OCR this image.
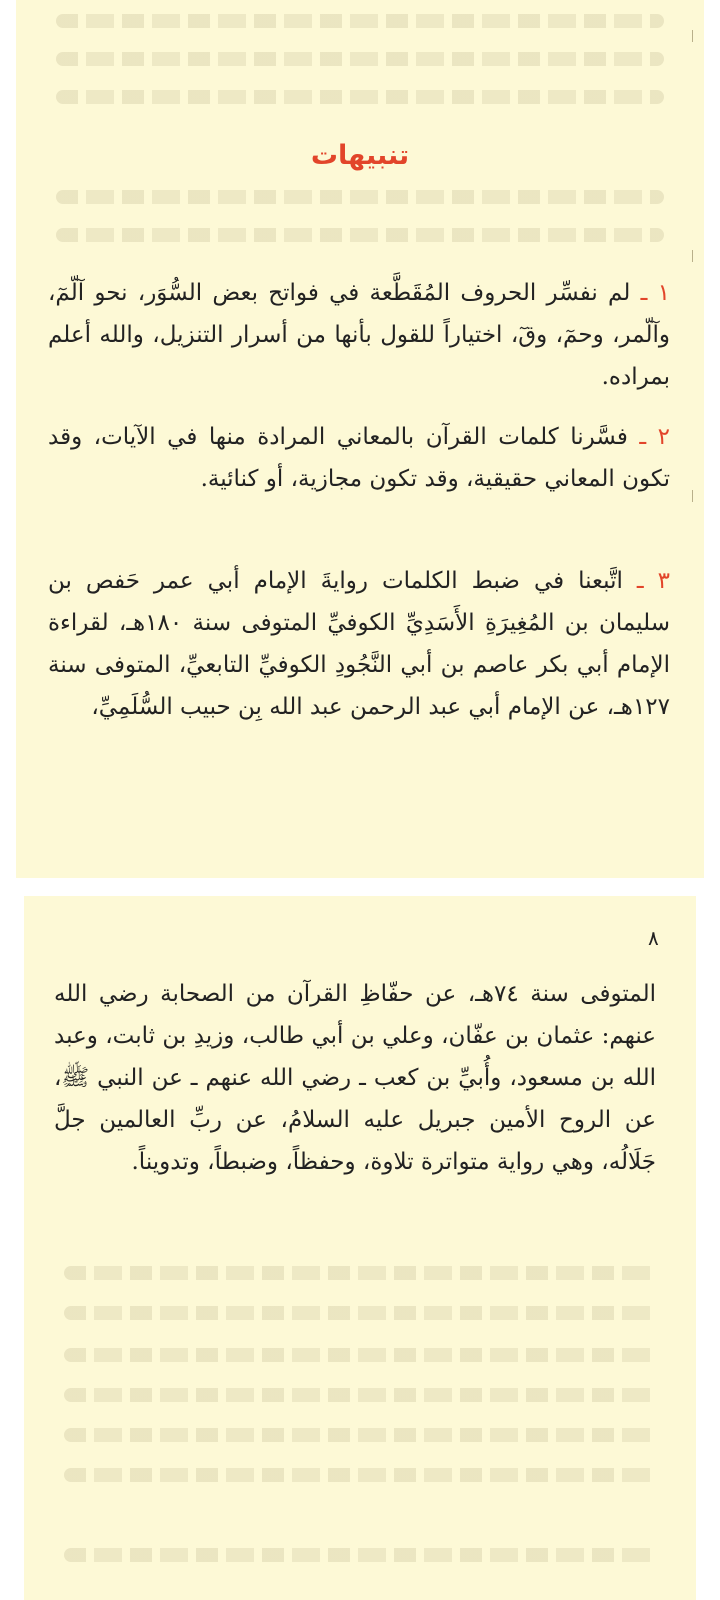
تنبيهات

١ ـ لم نفسِّر الحروف المُقَطَّعة في فواتح بعض السُّوَر، نحو آلّمٓ، وآلّمر، وحمٓ، وقٓ، اختياراً للقول بأنها من أسرار التنزيل، والله أعلم بمراده.

٢ ـ فسَّرنا كلمات القرآن بالمعاني المرادة منها في الآيات، وقد تكون المعاني حقيقية، وقد تكون مجازية، أو كنائية.

٣ ـ اتَّبعنا في ضبط الكلمات روايةَ الإمام أبي عمر حَفص بن سليمان بن المُغِيرَةِ الأَسَدِيِّ الكوفيِّ المتوفى سنة ١٨٠هـ، لقراءة الإمام أبي بكر عاصم بن أبي النَّجُودِ الكوفيِّ التابعيِّ، المتوفى سنة ١٢٧هـ، عن الإمام أبي عبد الرحمن عبد الله بِن حبيب السُّلَمِيِّ،

٨

المتوفى سنة ٧٤هـ، عن حفّاظِ القرآن من الصحابة رضي الله عنهم: عثمان بن عفّان، وعلي بن أبي طالب، وزيدِ بن ثابت، وعبد الله بن مسعود، وأُبيِّ بن كعب ـ رضي الله عنهم ـ عن النبي ﷺ، عن الروح الأمين جبريل عليه السلامُ، عن ربِّ العالمين جلَّ جَلَالُه، وهي رواية متواترة تلاوة، وحفظاً، وضبطاً، وتدويناً.
